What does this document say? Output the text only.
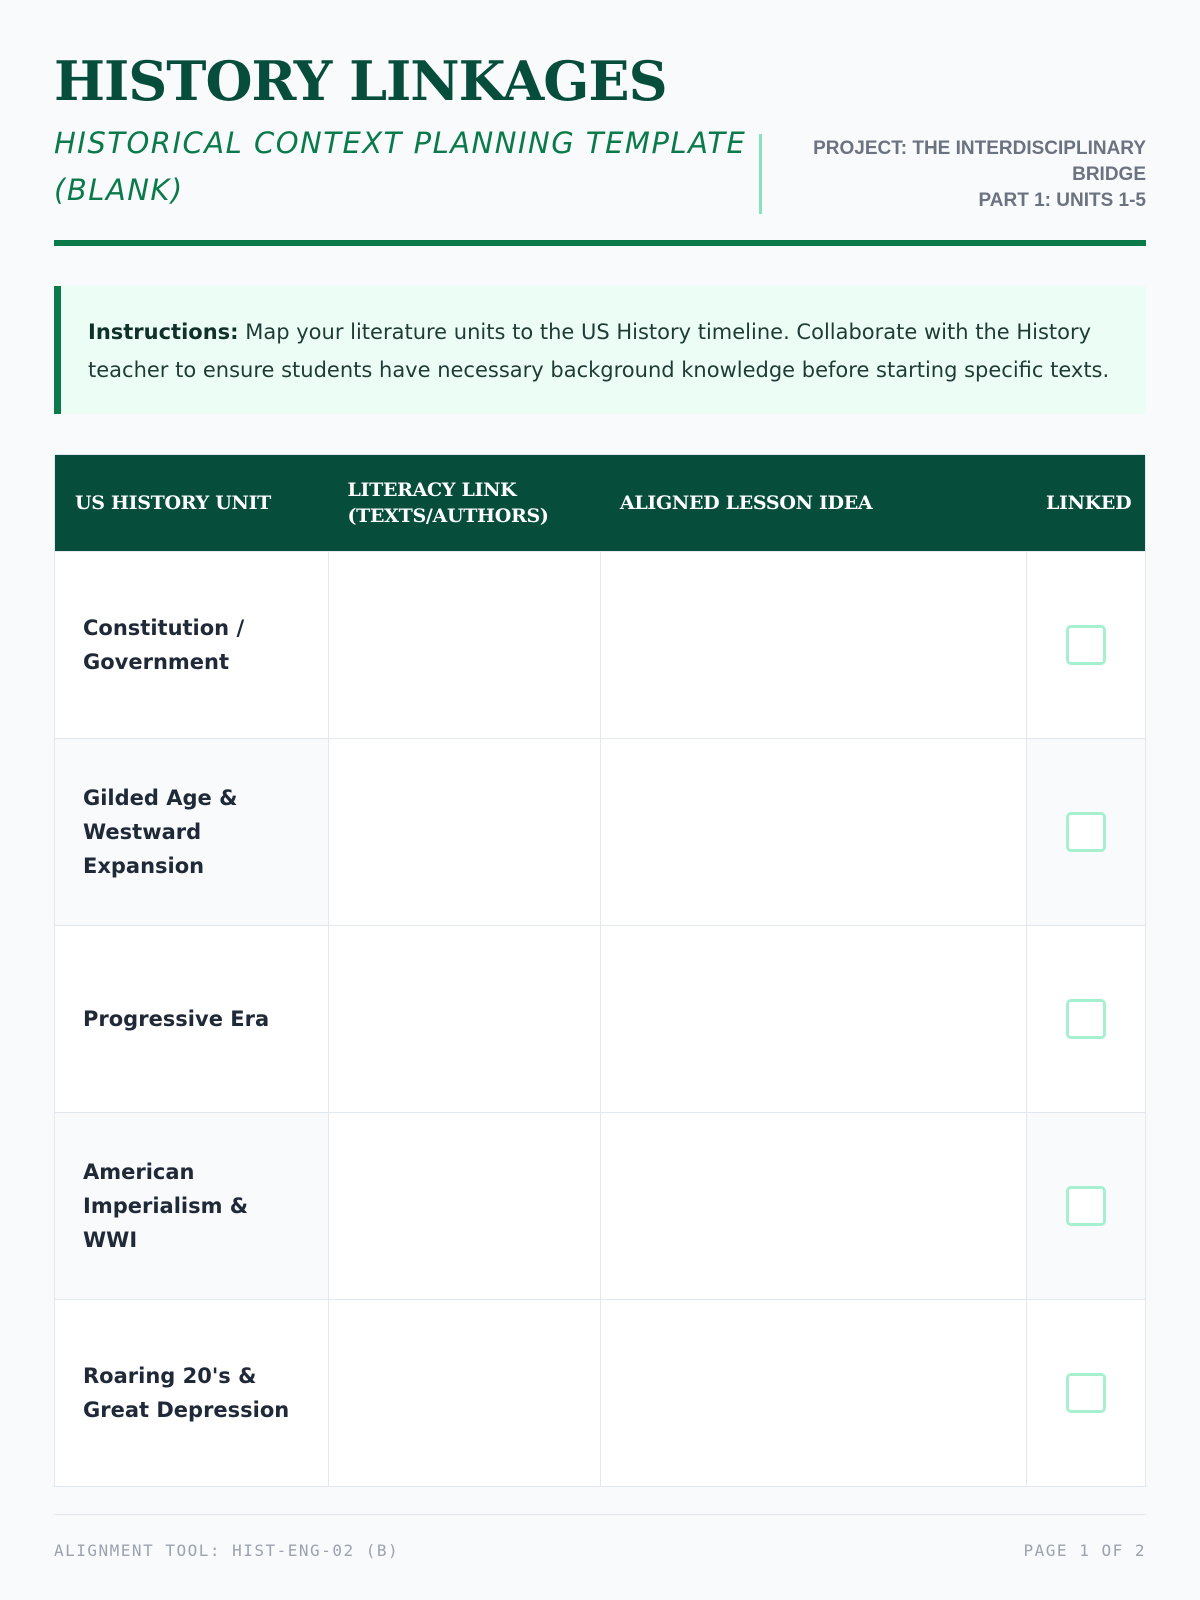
HISTORY LINKAGES
HISTORICAL CONTEXT PLANNING TEMPLATE (BLANK)
PROJECT: THE INTERDISCIPLINARY BRIDGE
PART 1: UNITS 1-5
Instructions: Map your literature units to the US History timeline. Collaborate with the History teacher to ensure students have necessary background knowledge before starting specific texts.
US HISTORY UNIT
LITERACY LINK (TEXTS/AUTHORS)
ALIGNED LESSON IDEA	LINKED
Constitution / Government
Gilded Age & Westward Expansion
Progressive Era
American Imperialism & WWI
Roaring 20's & Great Depression
ALIGNMENT TOOL: HIST-ENG-02 (B)	PAGE 1 OF 2
